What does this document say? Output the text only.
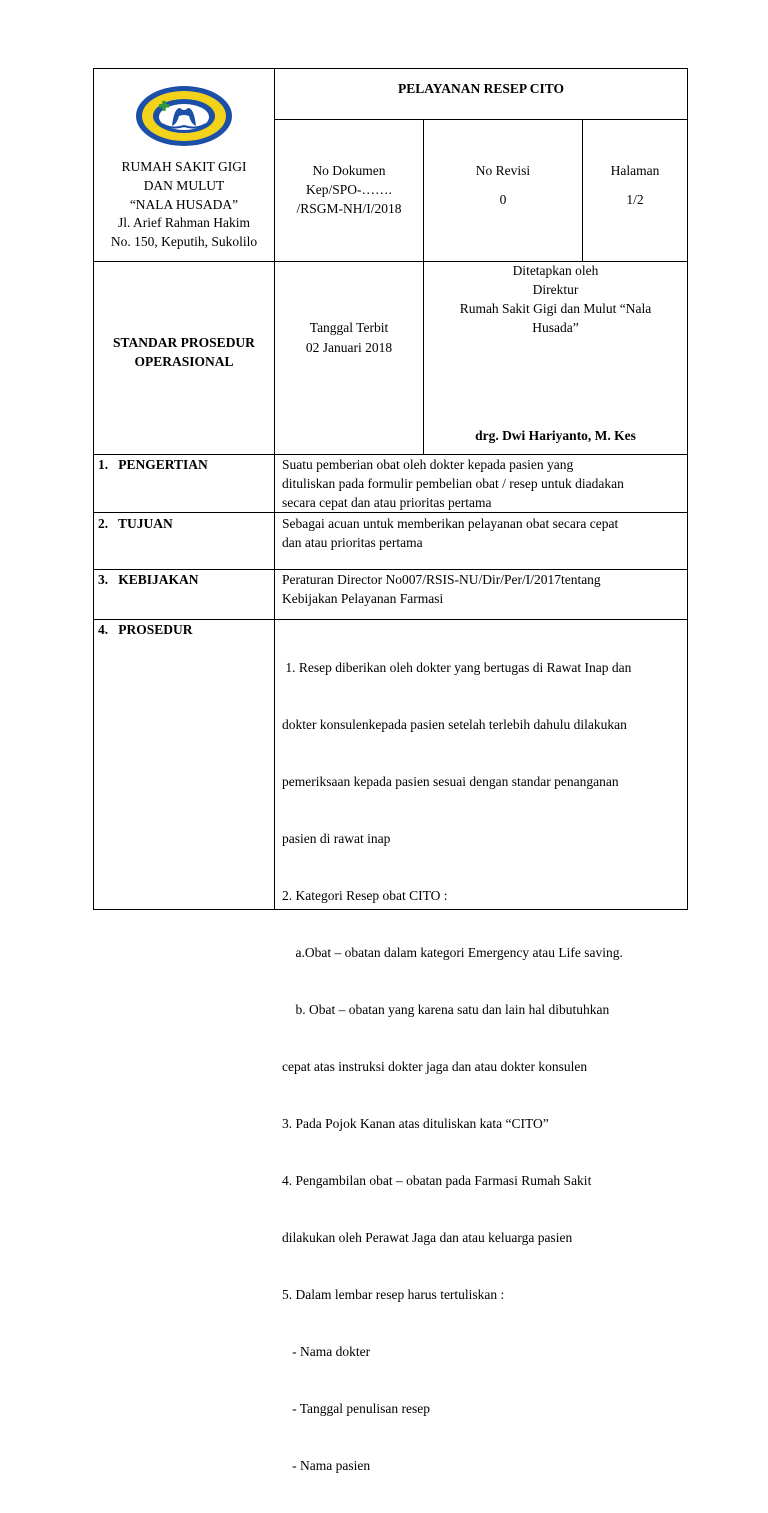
RUMAH SAKIT GIGI
DAN MULUT
“NALA HUSADA”
Jl. Arief Rahman Hakim
No. 150, Keputih, Sukolilo
PELAYANAN RESEP CITO
No Dokumen
Kep/SPO-…….
/RSGM-NH/I/2018
No Revisi
0
Halaman
1/2
STANDAR PROSEDUR
OPERASIONAL
Tanggal Terbit
02 Januari 2018
Ditetapkan oleh
Direktur
Rumah Sakit Gigi dan Mulut “Nala
Husada”
drg. Dwi Hariyanto, M. Kes
1.   PENGERTIAN
2.   TUJUAN
3.   KEBIJAKAN
4.   PROSEDUR
Suatu pemberian obat oleh dokter kepada pasien yang
dituliskan pada formulir pembelian obat / resep untuk diadakan
secara cepat dan atau prioritas pertama
Sebagai acuan untuk memberikan pelayanan obat secara cepat
dan atau prioritas pertama
Peraturan Director No007/RSIS-NU/Dir/Per/I/2017tentang
Kebijakan Pelayanan Farmasi

1. Resep diberikan oleh dokter yang bertugas di Rawat Inap dan

dokter konsulenkepada pasien setelah terlebih dahulu dilakukan

pemeriksaan kepada pasien sesuai dengan standar penanganan

pasien di rawat inap

2. Kategori Resep obat CITO :

a.Obat – obatan dalam kategori Emergency atau Life saving.

b. Obat – obatan yang karena satu dan lain hal dibutuhkan

cepat atas instruksi dokter jaga dan atau dokter konsulen

3. Pada Pojok Kanan atas dituliskan kata “CITO”

4. Pengambilan obat – obatan pada Farmasi Rumah Sakit

dilakukan oleh Perawat Jaga dan atau keluarga pasien

5. Dalam lembar resep harus tertuliskan :

- Nama dokter

- Tanggal penulisan resep

- Nama pasien
